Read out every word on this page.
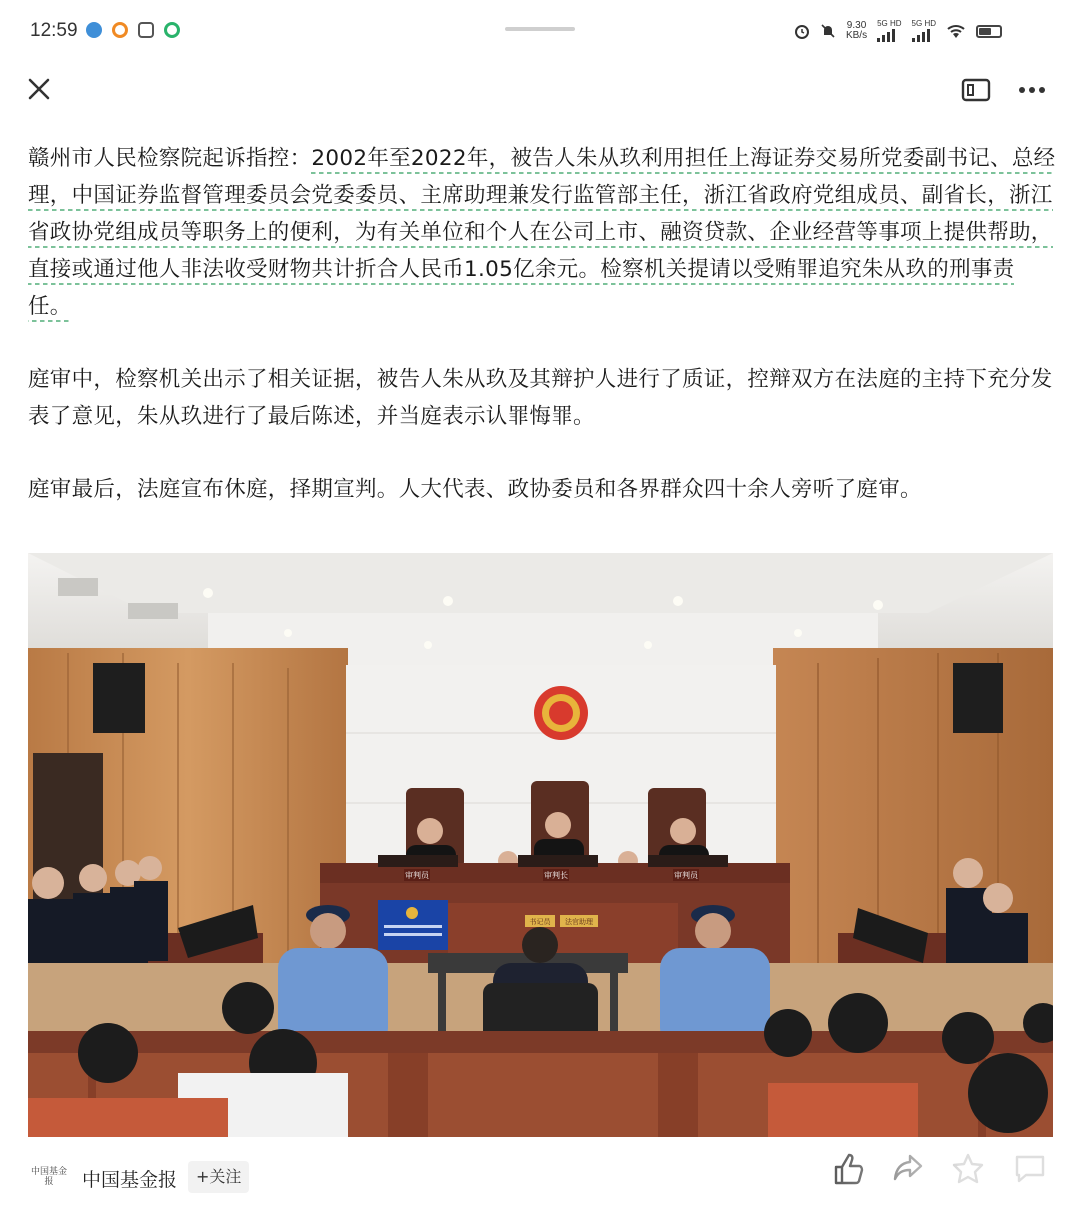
12:59	9.30
KB/s
5G HD 5G HD

赣州市人民检察院起诉指控：2002年至2022年，被告人朱从玖利用担任上海证券交易所党委副书记、总经理，中国证券监督管理委员会党委委员、主席助理兼发行监管部主任，浙江省政府党组成员、副省长，浙江省政协党组成员等职务上的便利，为有关单位和个人在公司上市、融资贷款、企业经营等事项上提供帮助，直接或通过他人非法收受财物共计折合人民币1.05亿余元。检察机关提请以受贿罪追究朱从玖的刑事责任。

庭审中，检察机关出示了相关证据，被告人朱从玖及其辩护人进行了质证，控辩双方在法庭的主持下充分发表了意见，朱从玖进行了最后陈述，并当庭表示认罪悔罪。

庭审最后，法庭宣布休庭，择期宣判。人大代表、政协委员和各界群众四十余人旁听了庭审。

审判员	审判长	审判员
书记员 法官助理
中国基金报	中国基金报	+关注
